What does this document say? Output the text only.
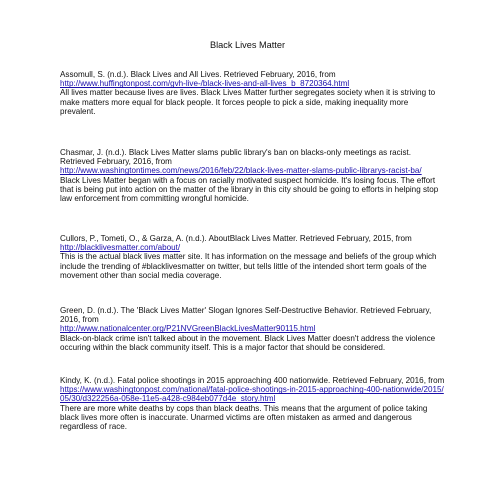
Black Lives Matter

Assomull, S. (n.d.). Black Lives and All Lives. Retrieved February, 2016, from

http://www.huffingtonpost.com/gvh-live-/black-lives-and-all-lives_b_8720364.html

All lives matter because lives are lives. Black Lives Matter further segregates society when it is striving to make matters more equal for black people. It forces people to pick a side, making inequality more prevalent.

Chasmar, J. (n.d.). Black Lives Matter slams public library's ban on blacks-only meetings as racist. Retrieved February, 2016, from

http://www.washingtontimes.com/news/2016/feb/22/black-lives-matter-slams-public-librarys-racist-ba/

Black Lives Matter began with a focus on racially motivated suspect homicide. It's losing focus. The effort that is being put into action on the matter of the library in this city should be going to efforts in helping stop law enforcement from committing wrongful homicide.

Cullors, P., Tometi, O., & Garza, A. (n.d.). AboutBlack Lives Matter. Retrieved February, 2015, from

http://blacklivesmatter.com/about/

This is the actual black lives matter site. It has information on the message and beliefs of the group which include the trending of #blacklivesmatter on twitter, but tells little of the intended short term goals of the movement other than social media coverage.

Green, D. (n.d.). The 'Black Lives Matter' Slogan Ignores Self-Destructive Behavior. Retrieved February, 2016, from

http://www.nationalcenter.org/P21NVGreenBlackLivesMatter90115.html

Black-on-black crime isn't talked about in the movement. Black Lives Matter doesn't address the violence occuring within the black community itself. This is a major factor that should be considered.

Kindy, K. (n.d.). Fatal police shootings in 2015 approaching 400 nationwide. Retrieved February, 2016, from

https://www.washingtonpost.com/national/fatal-police-shootings-in-2015-approaching-400-nationwide/2015/05/30/d322256a-058e-11e5-a428-c984eb077d4e_story.html

There are more white deaths by cops than black deaths. This means that the argument of police taking black lives more often is inaccurate. Unarmed victims are often mistaken as armed and dangerous regardless of race.
